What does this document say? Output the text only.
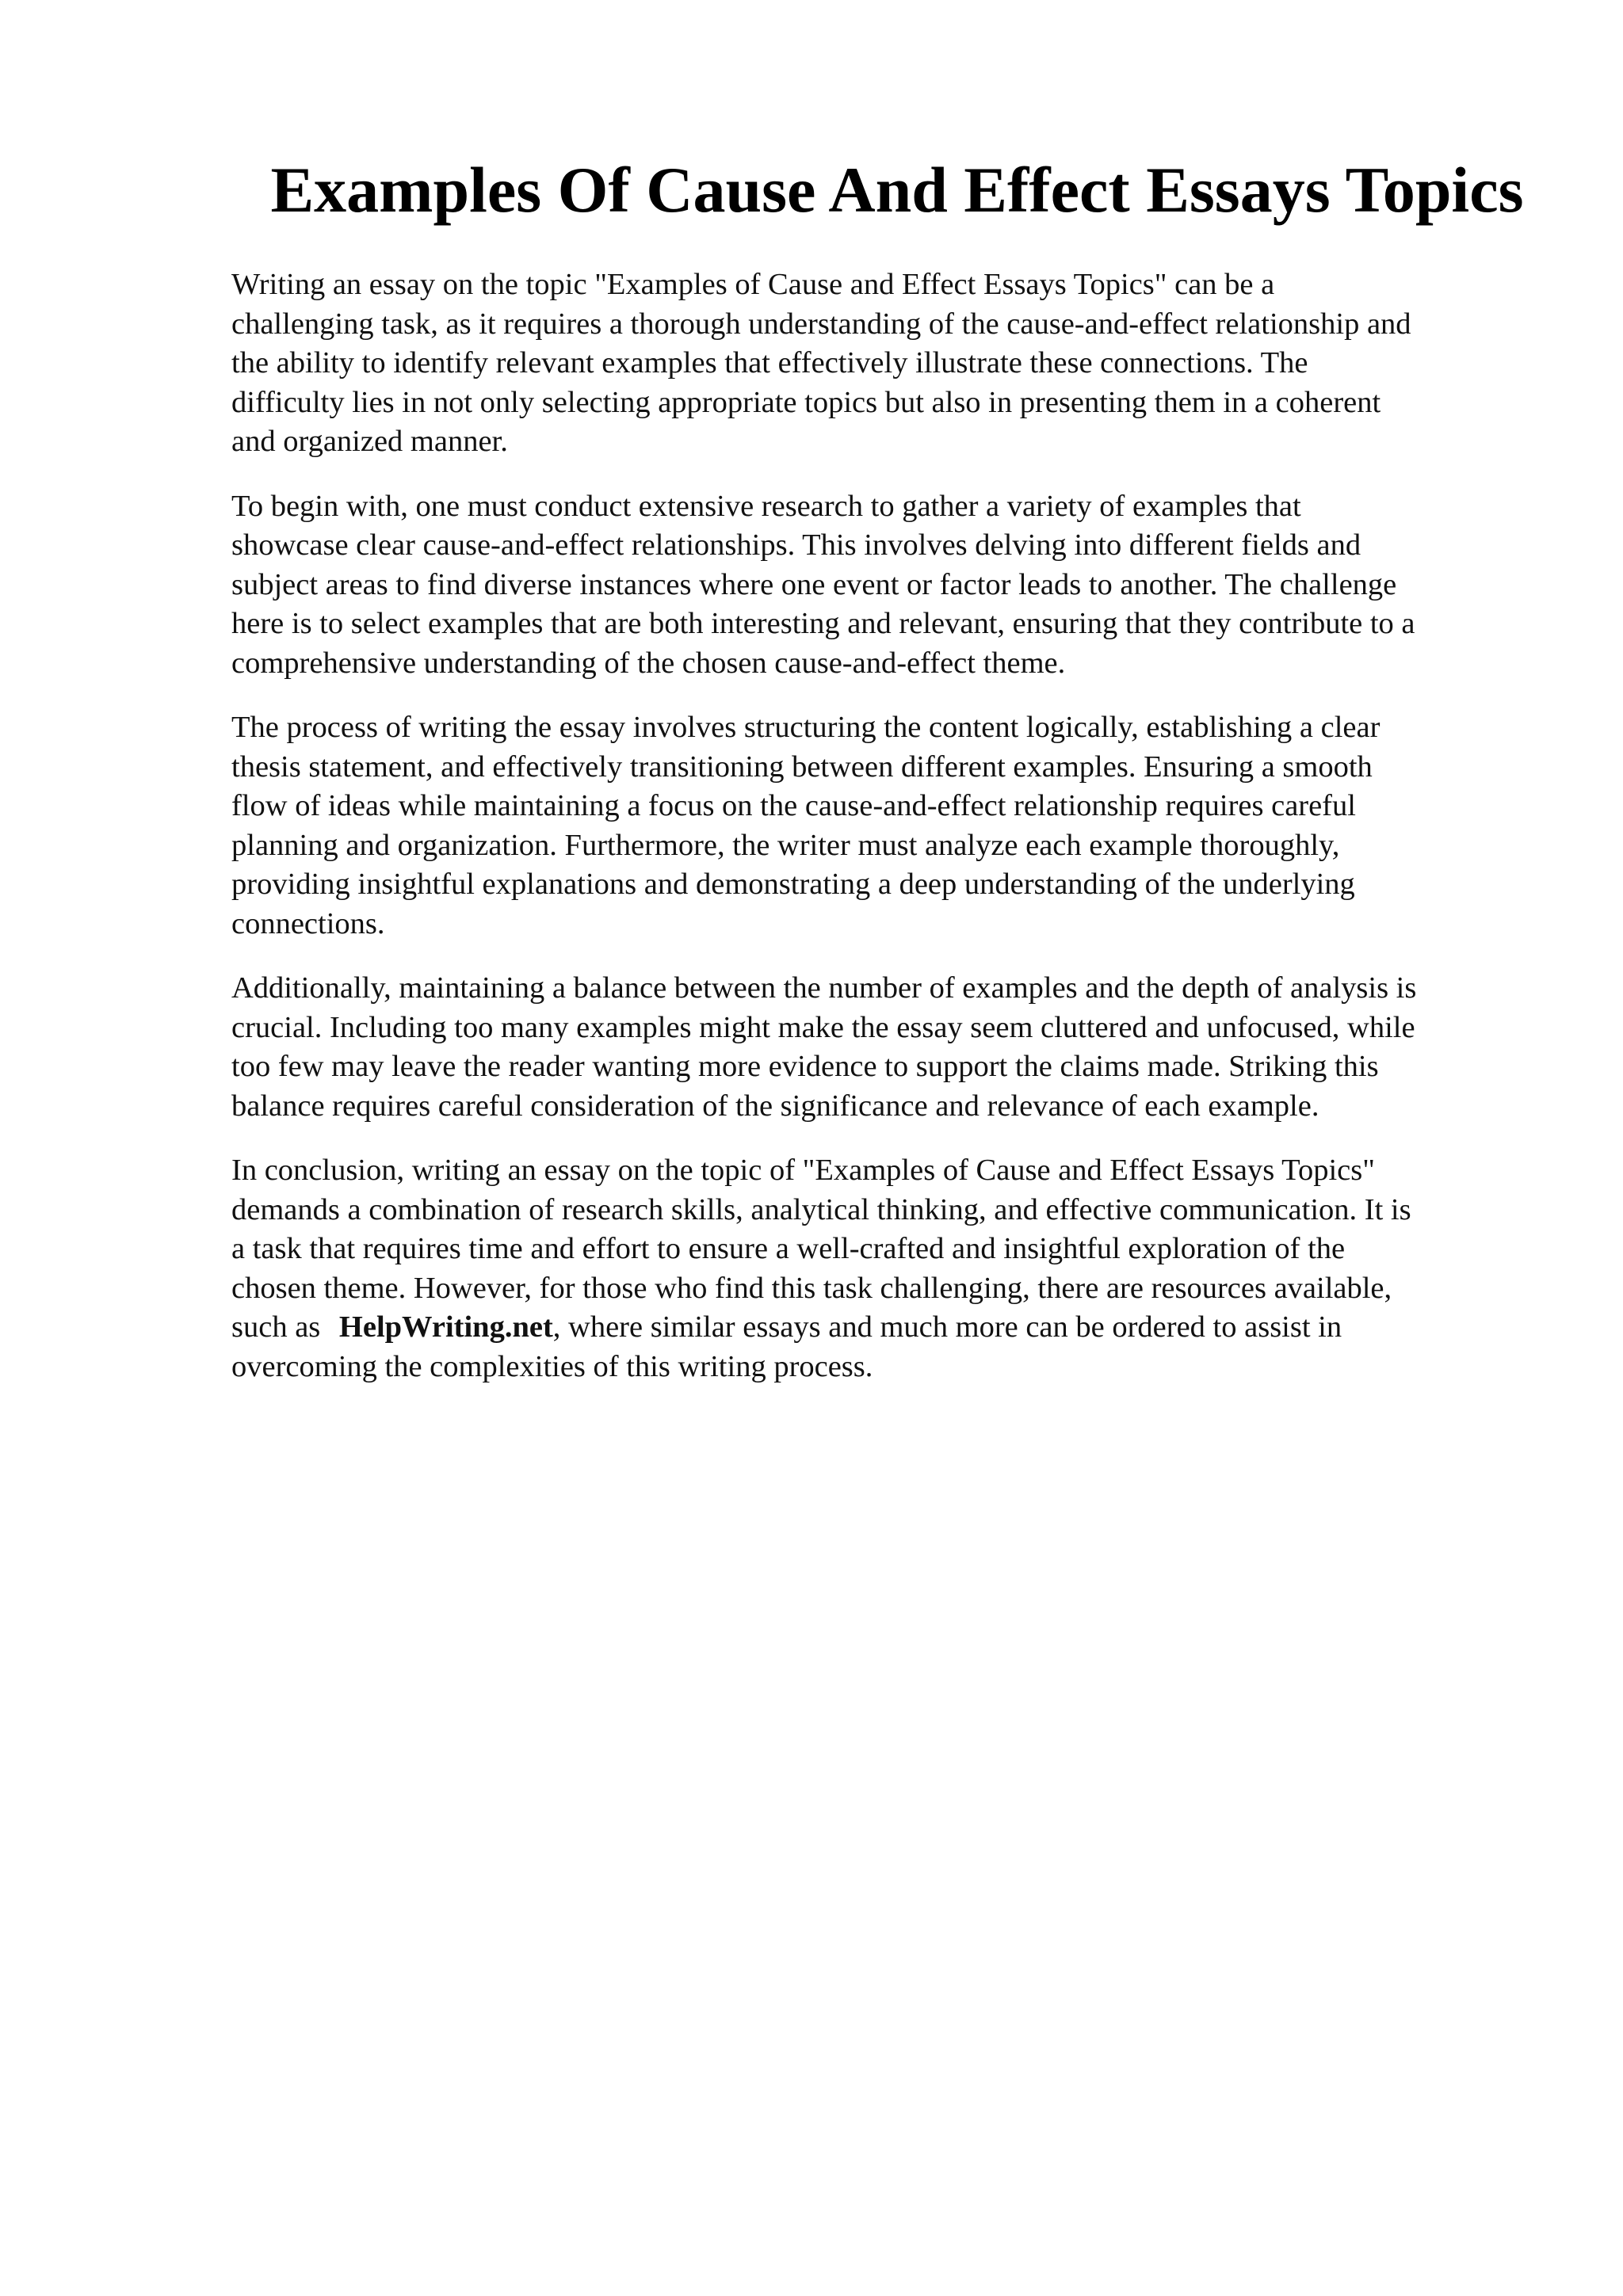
Examples Of Cause And Effect Essays Topics

Writing an essay on the topic "Examples of Cause and Effect Essays Topics" can be a
challenging task, as it requires a thorough understanding of the cause-and-effect relationship and
the ability to identify relevant examples that effectively illustrate these connections. The
difficulty lies in not only selecting appropriate topics but also in presenting them in a coherent
and organized manner.

To begin with, one must conduct extensive research to gather a variety of examples that
showcase clear cause-and-effect relationships. This involves delving into different fields and
subject areas to find diverse instances where one event or factor leads to another. The challenge
here is to select examples that are both interesting and relevant, ensuring that they contribute to a
comprehensive understanding of the chosen cause-and-effect theme.

The process of writing the essay involves structuring the content logically, establishing a clear
thesis statement, and effectively transitioning between different examples. Ensuring a smooth
flow of ideas while maintaining a focus on the cause-and-effect relationship requires careful
planning and organization. Furthermore, the writer must analyze each example thoroughly,
providing insightful explanations and demonstrating a deep understanding of the underlying
connections.

Additionally, maintaining a balance between the number of examples and the depth of analysis is
crucial. Including too many examples might make the essay seem cluttered and unfocused, while
too few may leave the reader wanting more evidence to support the claims made. Striking this
balance requires careful consideration of the significance and relevance of each example.

In conclusion, writing an essay on the topic of "Examples of Cause and Effect Essays Topics"
demands a combination of research skills, analytical thinking, and effective communication. It is
a task that requires time and effort to ensure a well-crafted and insightful exploration of the
chosen theme. However, for those who find this task challenging, there are resources available,
such as HelpWriting.net, where similar essays and much more can be ordered to assist in
overcoming the complexities of this writing process.
